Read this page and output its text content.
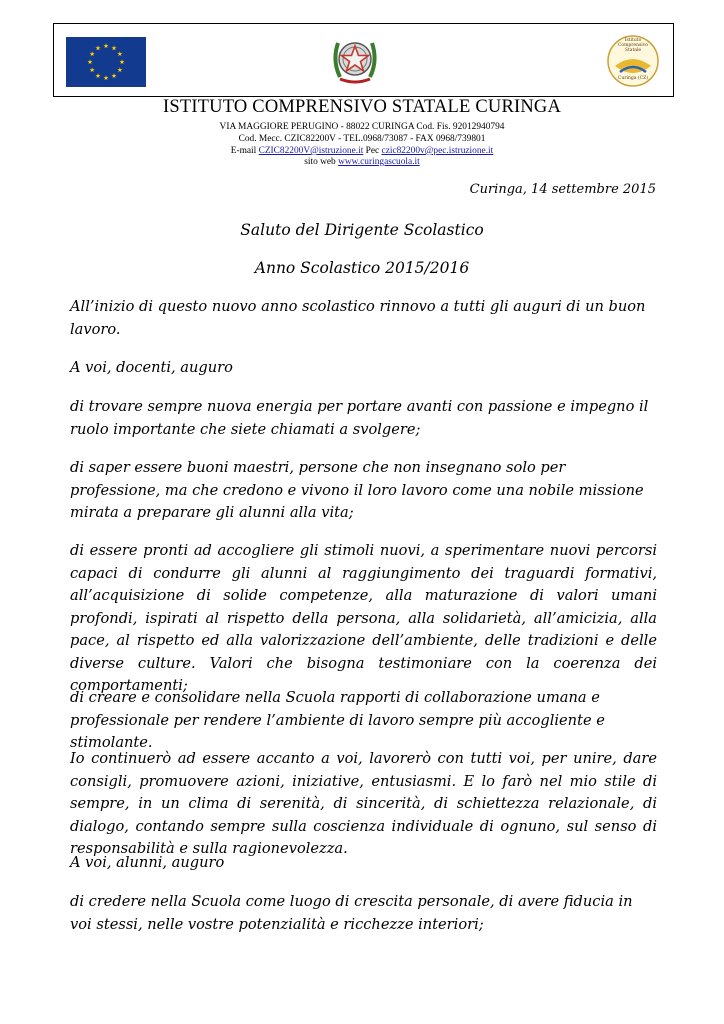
Istituto Comprensivo Statale
Curinga (CZ)
ISTITUTO COMPRENSIVO STATALE CURINGA
VIA MAGGIORE PERUGINO - 88022 CURINGA Cod. Fis. 92012940794
Cod. Mecc. CZIC82200V - TEL.0968/73087 - FAX 0968/739801
E-mail CZIC82200V@istruzione.it Pec czic82200v@pec.istruzione.it
sito web www.curingascuola.it
Curinga, 14 settembre 2015
Saluto del Dirigente Scolastico
Anno Scolastico 2015/2016
All’inizio di questo nuovo anno scolastico rinnovo a tutti gli auguri di un buon lavoro.
A voi, docenti, auguro
di trovare sempre nuova energia per portare avanti con passione e impegno il ruolo importante che siete chiamati a svolgere;
di saper essere buoni maestri, persone che non insegnano solo per professione, ma che credono e vivono il loro lavoro come una nobile missione mirata a preparare gli alunni alla vita;
di essere pronti ad accogliere gli stimoli nuovi, a sperimentare nuovi percorsi capaci di condurre gli alunni al raggiungimento dei traguardi formativi, all’acquisizione di solide competenze, alla maturazione di valori umani profondi, ispirati al rispetto della persona, alla solidarietà, all’amicizia, alla pace, al rispetto ed alla valorizzazione dell’ambiente, delle tradizioni e delle diverse culture. Valori che bisogna testimoniare con la coerenza dei comportamenti;
di creare e consolidare nella Scuola rapporti di collaborazione umana e professionale per rendere l’ambiente di lavoro sempre più accogliente e stimolante.
Io continuerò ad essere accanto a voi, lavorerò con tutti voi, per unire, dare consigli, promuovere azioni, iniziative, entusiasmi. E lo farò nel mio stile di sempre, in un clima di serenità, di sincerità, di schiettezza relazionale, di dialogo, contando sempre sulla coscienza individuale di ognuno, sul senso di responsabilità e sulla ragionevolezza.
A voi, alunni, auguro
di credere nella Scuola come luogo di crescita personale, di avere fiducia in voi stessi, nelle vostre potenzialità e ricchezze interiori;
